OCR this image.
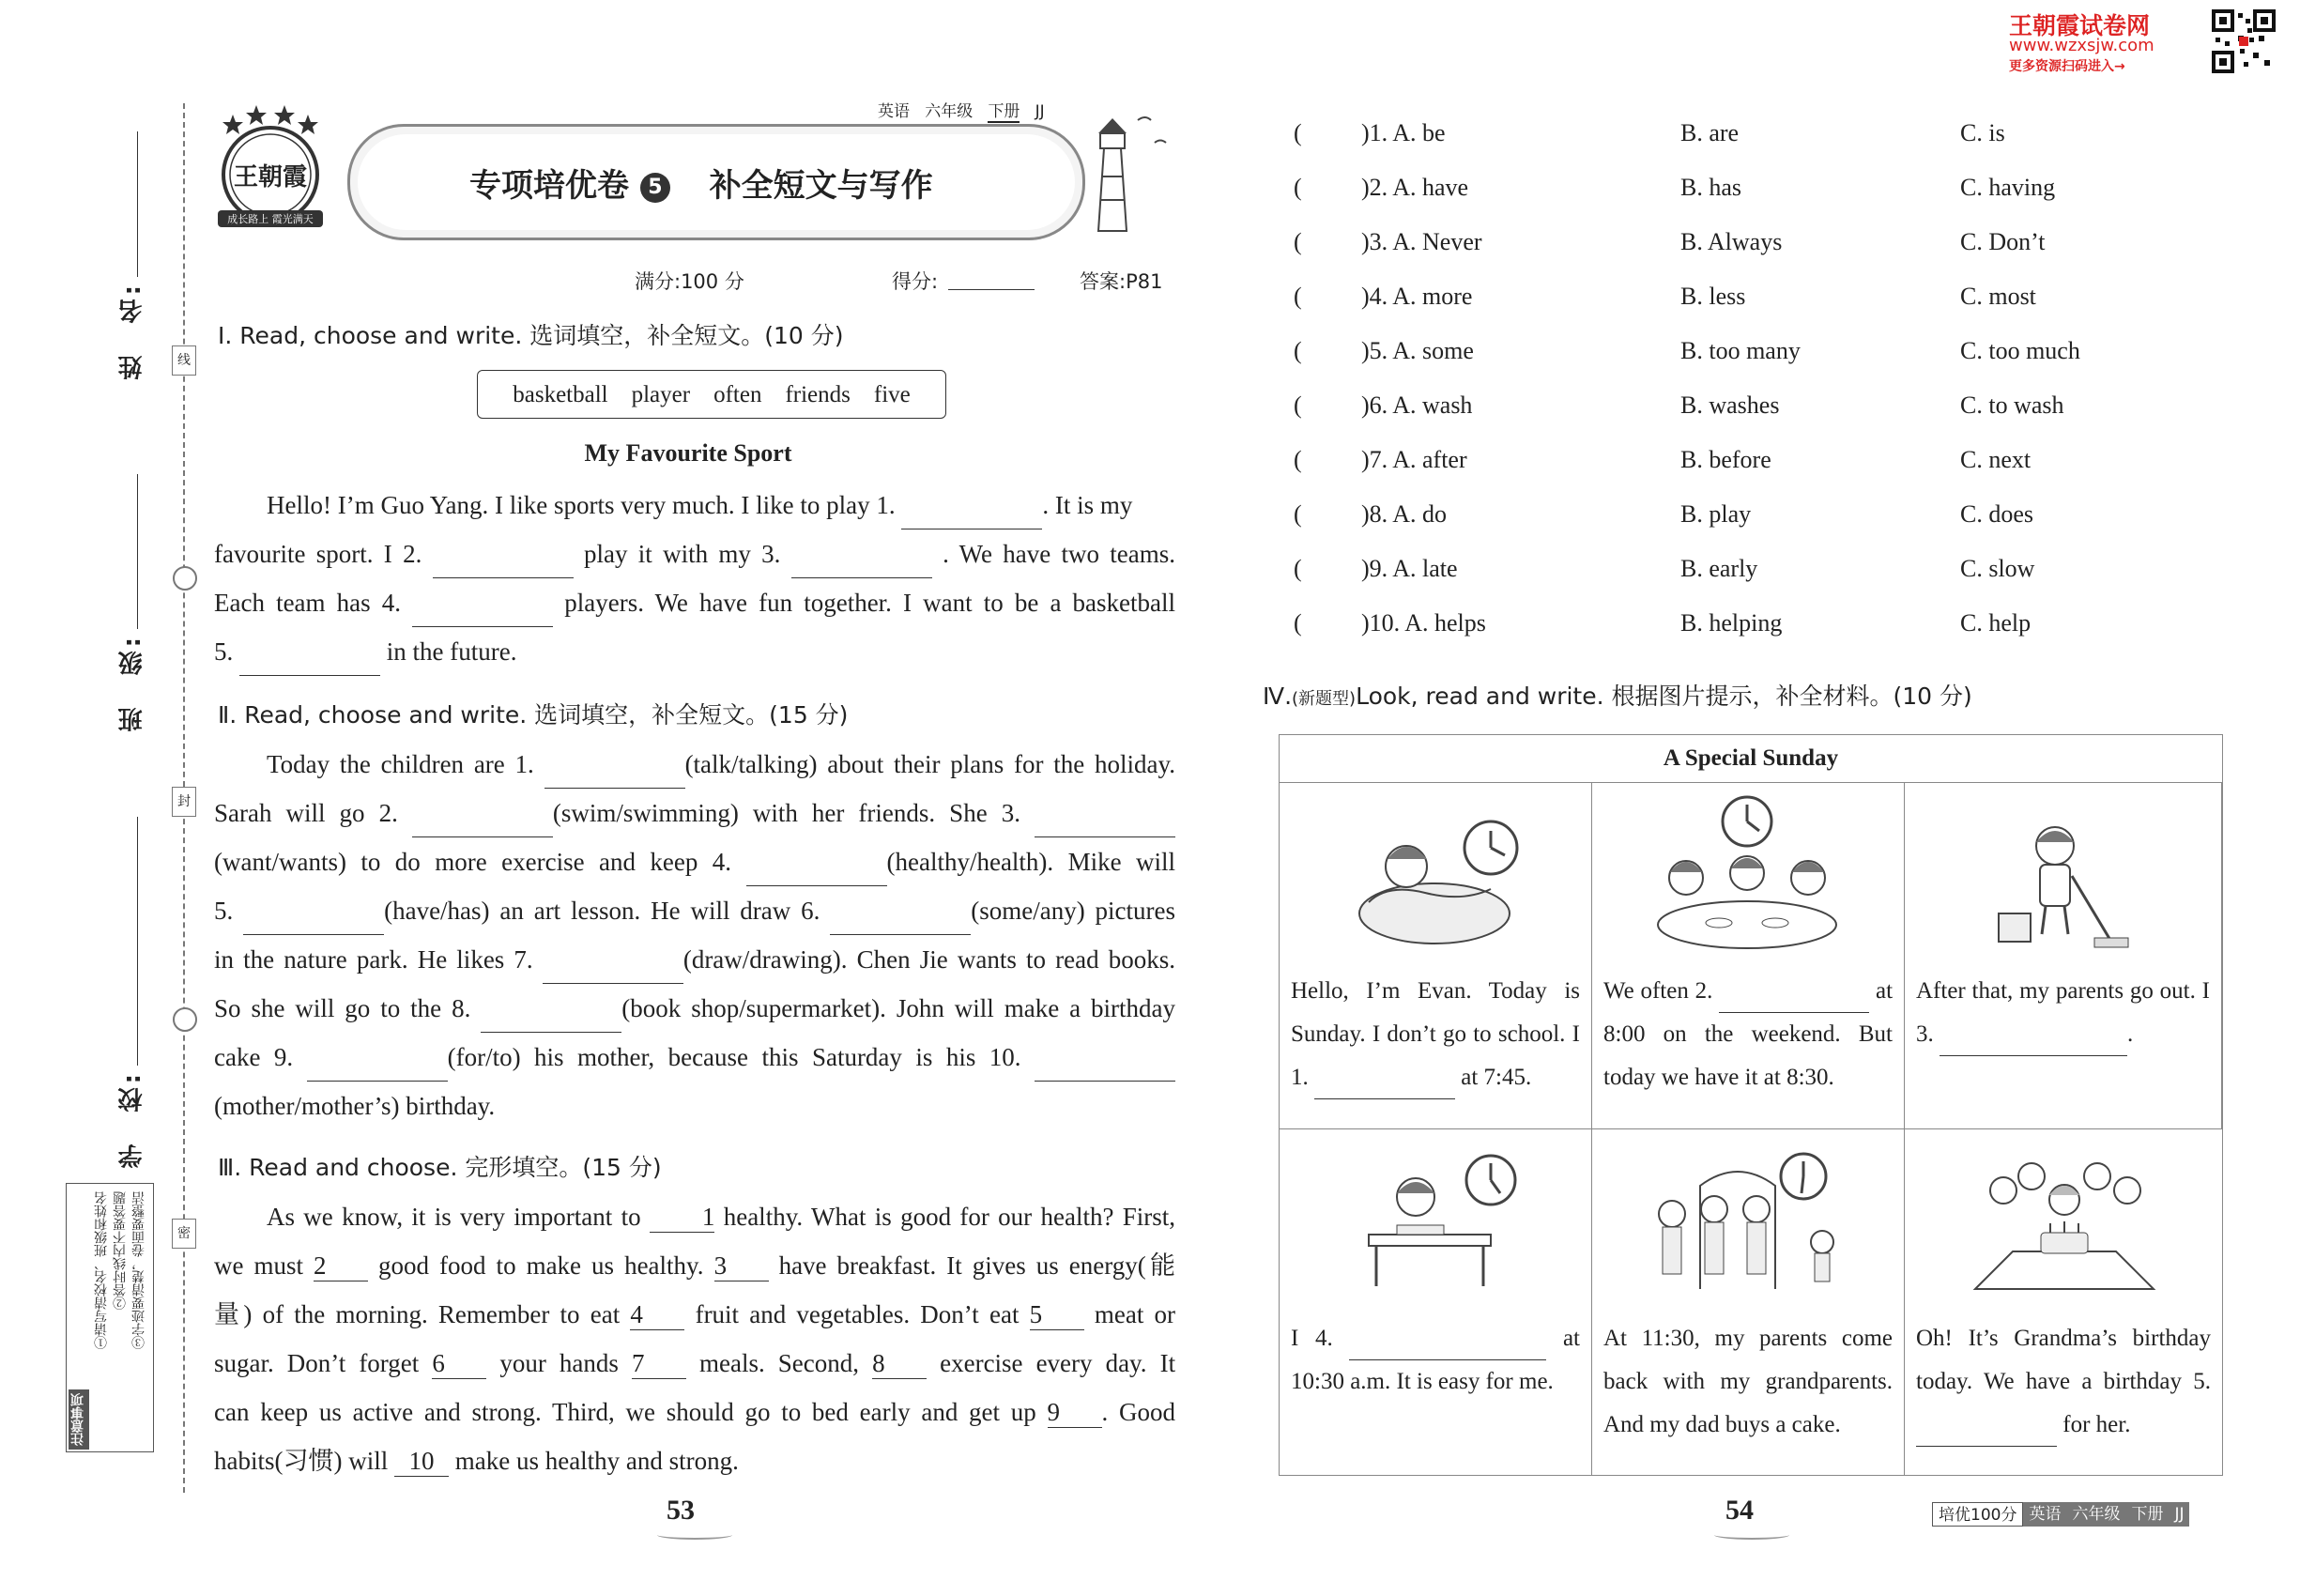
线
封
密
姓　名:
班　级:
学　校:
注意事项
①请写清校名、班级和姓名 ②答时线内不要答题 ③字迹要清楚，卷面要整洁
王朝霞
成长路上 霞光满天
英语 六年级 下册 JJ
专项培优卷 5 补全短文与写作
满分:100 分	得分:	答案:P81
Ⅰ. Read, choose and write. 选词填空，补全短文。(10 分)
basketball player often friends five
My Favourite Sport

Hello! I’m Guo Yang. I like sports very much. I like to play 1.	. It is my

favourite sport. I 2.	play it with my 3.	. We have two teams.

Each team has 4.	players. We have fun together. I want to be a basketball

5.	in the future.

Ⅱ. Read, choose and write. 选词填空，补全短文。(15 分)

Today the children are 1.	(talk/talking) about their plans for the holiday.

Sarah will go 2.	(swim/swimming) with her friends. She 3.

(want/wants) to do more exercise and keep 4.	(healthy/health). Mike will

5.	(have/has) an art lesson. He will draw 6.	(some/any) pictures

in the nature park. He likes 7.	(draw/drawing). Chen Jie wants to read books.

So she will go to the 8.	(book shop/supermarket). John will make a birthday

cake 9.	(for/to) his mother, because this Saturday is his 10.

(mother/mother’s) birthday.

Ⅲ. Read and choose. 完形填空。(15 分)

As we know, it is very important to 1 healthy. What is good for our health? First,

we must 2 good food to make us healthy. 3 have breakfast. It gives us energy(能

量) of the morning. Remember to eat 4 fruit and vegetables. Don’t eat 5 meat or

sugar. Don’t forget 6 your hands 7 meals. Second, 8 exercise every day. It

can keep us active and strong. Third, we should go to bed early and get up 9 . Good

habits(习惯) will 10 make us healthy and strong.

53
王朝霞试卷网
www.wzxsjw.com
更多资源扫码进入→
( )1. A. be	B. are	C. is
( )2. A. have	B. has	C. having
( )3. A. Never	B. Always	C. Don’t
( )4. A. more	B. less	C. most
( )5. A. some	B. too many	C. too much
( )6. A. wash	B. washes	C. to wash
( )7. A. after	B. before	C. next
( )8. A. do	B. play	C. does
( )9. A. late	B. early	C. slow
( )10. A. helps	B. helping	C. help
Ⅳ.(新题型)Look, read and write. 根据图片提示，补全材料。(10 分)
A Special Sunday
Hello, I’m Evan. Today is Sunday. I don’t go to school. I 1.	at 7:45.
We often 2.	at 8:00 on the weekend. But today we have it at 8:30.
After that, my parents go out. I 3.	.
I 4.	at 10:30 a.m. It is easy for me.
At 11:30, my parents come back with my grandparents. And my dad buys a cake.
Oh! It’s Grandma’s birthday today. We have a birthday 5.  for her.
54	培优100分 英语 六年级 下册 JJ
